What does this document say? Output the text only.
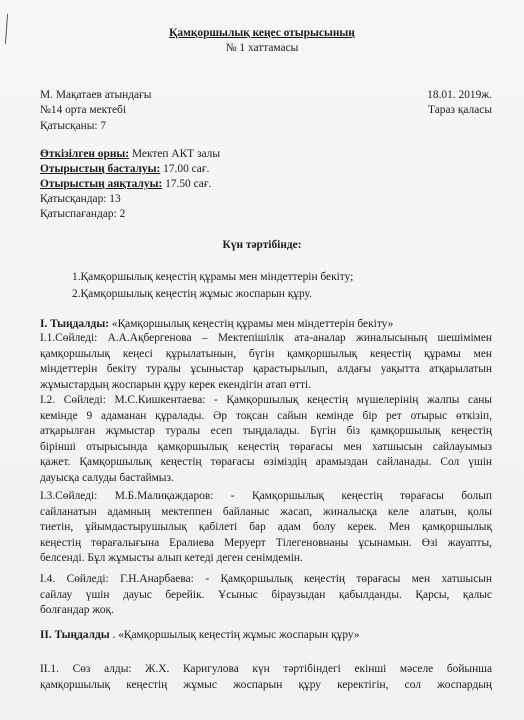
Қамқоршылық кеңес отырысының
№ 1 хаттамасы
М. Мақатаев атындағы	18.01. 2019ж.
№14 орта мектебі	Тараз қаласы
Қатысқаны: 7
Өткізілген орны: Мектеп АКТ залы
Отырыстың басталуы: 17.00 сағ.
Отырыстың аяқталуы: 17.50 сағ.
Қатысқандар: 13
Қатыспағандар: 2
Күн тәртібінде:
1.Қамқоршылық кеңестің құрамы мен міндеттерін бекіту;
2.Қамқоршылық кеңестің жұмыс жоспарын құру.
I. Тыңдалды: «Қамқоршылық кеңестің құрамы мен міндеттерін бекіту»
І.1.Сөйледі: А.А.Ақбергенова – Мектепішілік ата-аналар жиналысының шешімімен
қамқоршылық кеңесі құрылатынын, бүгін қамқоршылық кеңестің құрамы мен
міндеттерін бекіту туралы ұсыныстар қарастырылып, алдағы уақытта атқарылатын
жұмыстардың жоспарын құру керек екендігін атап өтті.
І.2. Сөйледі: М.С.Кишкентаева: - Қамқоршылық кеңестің мүшелерінің жалпы саны
кемінде 9 адаманан құралады. Әр тоқсан сайын кемінде бір рет отырыс өткізіп,
атқарылған жұмыстар туралы есеп тыңдалады. Бүгін біз қамқоршылық кеңестің
бірінші отырысында қамқоршылық кеңестің төрағасы мен хатшысын сайлауымыз
қажет. Қамқоршылық кеңестің төрағасы өзіміздің арамыздан сайланады. Сол үшін
дауысқа салуды бастаймыз.
І.3.Сөйледі: М.Б.Малиқаждаров: - Қамқоршылық кеңестің төрағасы болып
сайланатын адамның мектеппен байланыс жасап, жиналысқа келе алатын, қолы
тиетін, ұйымдастырушылық қабілеті бар адам болу керек. Мен қамқоршылық
кеңестің төрағалығына Ералиева Меруерт Тілегеновнаны ұсынамын. Өзі жауапты,
белсенді. Бұл жұмысты алып кетеді деген сенімдемін.
І.4. Сөйледі: Г.Н.Анарбаева: - Қамқоршылық кеңестің төрағасы мен хатшысын
сайлау үшін дауыс берейік. Ұсыныс біраузыдан қабылданды. Қарсы, қалыс
болғандар жоқ.
ІІ. Тыңдалды . «Қамқоршылық кеңестің жұмыс жоспарын құру»
ІІ.1. Сөз алды: Ж.Х. Каригулова күн тәртібіндегі екінші мәселе бойынша
қамқоршылық кеңестің жұмыс жоспарын құру керектігін, сол жоспардың
